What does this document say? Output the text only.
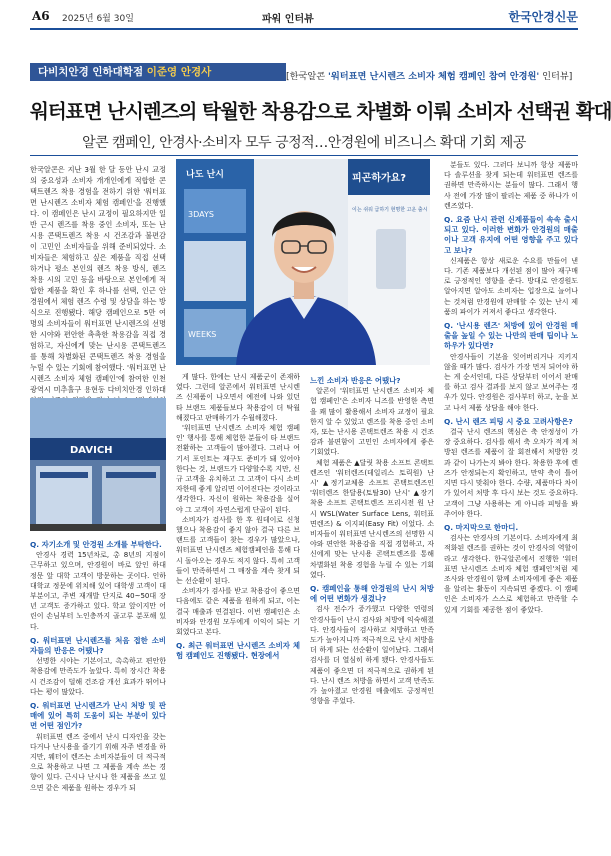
A6 2025년 6월 30일	파워 인터뷰	한국안경신문
다비치안경 인하대학점 이준영 안경사	[한국알콘 '워터표면 난시렌즈 소비자 체험 캠페인 참여 안경원' 인터뷰]
워터표면 난시렌즈의 탁월한 착용감으로 차별화 이뤄 소비자 선택권 확대
알콘 캠페인, 안경사·소비자 모두 긍정적…안경원에 비즈니스 확대 기회 제공
한국알콘은 지난 3월 한 달 동안 난시 교정의 중요성과 소비자 개개인에게 적합한 콘택트렌즈 착용 경험을 전하기 위한 '워터표면 난시렌즈 소비자 체험 캠페인'을 진행했다. 이 캠페인은 난시 교정이 필요하지만 일반 근시 렌즈를 착용 중인 소비자, 또는 난시용 콘택트렌즈 착용 시 건조감과 불편감이 고민인 소비자들을 위해 준비되었다. 소비자들은 체험하고 싶은 제품을 직접 선택하거나 평소 본인의 렌즈 착용 방식, 렌즈 착용 시의 고민 등을 바탕으로 본인에게 적합한 제품을 확인 후 하나를 선택, 인근 안경원에서 체험 렌즈 수령 및 상담을 하는 방식으로 진행됐다. 해당 캠페인으로 5만 여명의 소비자들이 워터표면 난시렌즈의 선명한 시야와 편안한 촉촉한 착용감을 직접 경험하고, 자신에게 맞는 난시용 콘택트렌즈를 통해 차별화된 콘택트렌즈 착용 경험을 누릴 수 있는 기회에 참여했다. '워터표면 난시렌즈 소비자 체험 캠페인'에 참여한 인천광역시 미추홀구 용현동 다비치안경 인하대
나도 난시
3DAYS
WEEKS
피곤하가요?
이는 쉬워 급하기 현명한 고운 출시
DAVICH

Q. 자기소개 및 안경원 소개를 부탁한다.

안경사 경력 15년차로, 총 8년의 지점이 근무하고 있으며, 안경원이 바로 앞인 하대 정문 앞 대학 고객이 방문하는 곳이다. 인하대학교 정문에 위치해 있어 대학생 고객이 대부분이고, 주변 재개발 단지로 40~50대 장년 고객도 증가하고 있다. 학교 앞이지만 어린이 손님부터 노인층까지 골고루 분포해 있다.

Q. 워터표면 난시렌즈를 처음 접한 소비자들의 반응은 어땠나?

선명한 시야는 기본이고, 촉촉하고 편안한 착용감에 만족도가 높았다. 특히 장시간 착용시 건조감이 덜해 건조감 개선 효과가 뛰어나다는 평이 많았다.

Q. 워터표면 난시렌즈가 난시 처방 및 판매에 있어 특히 도움이 되는 부분이 있다면 어떤 점인가?

워터표면 렌즈 중에서 난시 디자인을 갖는다거나 난시용을 즐기기 위해 자주 변경을 하지만, 웨터이 렌즈는 소비자분들이 더 적극적으로 착용하고 나면 그 제품을 계속 쓰는 경향이 있다. 근시나 난시나 한 제품을 쓰고 있으면 같은 제품을 원하는 경우가 되

게 많다. 한에는 난시 제품군이 존재하였다. 그런데 알콘에서 워터표면 난시렌즈 신제품이 나오면서 예전에 나와 있던 타 브랜드 제품들보다 착용감이 더 탁월해졌다고 판매하기가 수월해졌다.

'워터표면 난시렌즈 소비자 체험 캠페인' 행사를 통해 체험한 분들이 타 브랜드 전환하는 고객들이 많아졌다. 그러나 여기서 포인트는 재구도 준비가 돼 있어야 한다는 것, 브랜드가 다양할수록 지만, 신규 고객을 유치하고 그 고객이 다시 소비자한테 좋게 알리면 이어진다는 것이라고 생각한다. 자신이 원하는 착용감을 실어야 그 고객이 자연스럽게 단골이 된다.

소비자가 검사를 한 후 원데이로 신청했으나 착용감이 좋지 않아 결국 다른 브랜드를 고객들이 찾는 경우가 많았으나, 워터표면 난시렌즈 체험캠페인을 통해 다시 돌아오는 경우도 적지 않다. 특히 고객들이 만족하면서 그 매장을 계속 찾게 되는 선순환이 된다.

소비자가 검사를 받고 착용감이 좋으면 다음에도 같은 제품을 원하게 되고, 이는 결국 매출과 연결된다. 이번 캠페인은 소비자와 안경원 모두에게 이익이 되는 기회였다고 본다.

Q. 최근 워터표면 난시렌즈 소비자 체험 캠페인도 진행됐다. 현장에서

느낀 소비자 반응은 어땠나?

알콘이 '워터표면 난시렌즈 소비자 체험 캠페인'은 소비자 니즈를 반영한 측면을 꽤 많이 활용해서 소비자 교정이 필요한지 알 수 있었고 렌즈를 착용 중인 소비자, 또는 난시용 콘택트렌즈 착용 시 건조감과 불편함이 고민인 소비자에게 좋은 기회였다.

체험 제품은 ▲달릿 착용 소프트 콘택트렌즈인 '워터렌즈(데일리스 토릭원) 난시' ▲정기교체용 소프트 콘택트렌즈인 '워터렌즈 한달용(토탈30) 난시' ▲장기 착용 소프트 콘택트렌즈 프리시전 원 난시 WSL(Water Surface Lens, 워터표면렌즈) & 이지피(Easy Fit) 이었다. 소비자들이 워터표면 난시렌즈의 선명한 시야와 편안한 착용감을 직접 경험하고, 자신에게 맞는 난시용 콘택트렌즈를 통해 차별화된 착용 경험을 누릴 수 있는 기회였다.

Q. 캠페인을 통해 안경원의 난시 처방에 어떤 변화가 생겼나?

검사 전수가 증가했고 다양한 연령의 안경사들이 난시 검사와 처방에 익숙해졌다. 안경사들이 검사하고 처방하고 만족도가 높아지니까 적극적으로 난시 처방을 더 하게 되는 선순환이 일어났다. 그래서 검사를 더 열심히 하게 됐다. 안경사들도 제품이 좋으면 더 적극적으로 권하게 된다. 난시 렌즈 처방을 하면서 고객 만족도가 높아졌고 안경원 매출에도 긍정적인 영향을 주었다.

분들도 있다. 그러다 보니까 항상 제품마다 솔루션을 찾게 되는데 워터표면 렌즈를 권하면 만족하시는 분들이 많다. 그래서 행사 전에 가장 많이 팔리는 제품 중 하나가 이 렌즈였다.

Q. 요즘 난시 관련 신제품들이 속속 출시되고 있다. 이러한 변화가 안경원의 매출이나 고객 유지에 어떤 영향을 주고 있다고 보나?

신제품은 항상 새로운 수요를 만들어 낸다. 기존 제품보다 개선된 점이 많아 재구매로 긍정적인 영향을 준다. 방대로 안경원도 알아지면 알아도 소비자는 입장으로 늘어나는 것처럼 안경원에 판매할 수 있는 난시 제품의 파이가 커져서 좋다고 생각한다.

Q. '난시용 렌즈' 처방에 있어 안경원 매출을 높일 수 있는 나만의 판매 팁이나 노하우가 있다면?

안경사들이 기본을 잊어버리거나 지키지 않을 때가 많다. 검사가 가장 먼저 되어야 하는 게 순서인데, 다른 상담부터 이어서 판매를 하고 검사 결과를 보지 않고 보여주는 경우가 있다. 안경원은 검사부터 하고, 눈을 보고 나서 제품 상담을 해야 한다.

Q. 난시 렌즈 피팅 시 중요 고려사항은?

결국 난시 렌즈의 핵심은 축 안정성이 가장 중요하다. 검사를 해서 축 오차가 적게 처방된 렌즈를 제품이 잘 회전해서 처방한 것과 같이 나가는지 봐야 한다. 착용한 후에 렌즈가 안정되는지 확인하고, 만약 축이 틀어지면 다시 맞춰야 한다. 수량, 제품마다 차이가 있어서 처방 후 다시 보는 것도 중요하다. 고객이 그냥 사용하는 게 아니라 피팅을 봐 주어야 한다.

Q. 마지막으로 한마디.

검사는 안경사의 기본이다. 소비자에게 최적화된 렌즈를 권하는 것이 안경사의 역할이라고 생각한다. 한국알콘에서 진행한 '워터표면 난시렌즈 소비자 체험 캠페인'처럼 제조사와 안경원이 함께 소비자에게 좋은 제품을 알리는 활동이 지속되면 좋겠다. 이 캠페인은 소비자가 스스로 체험하고 만족할 수 있게 기회를 제공한 점이 좋았다.
